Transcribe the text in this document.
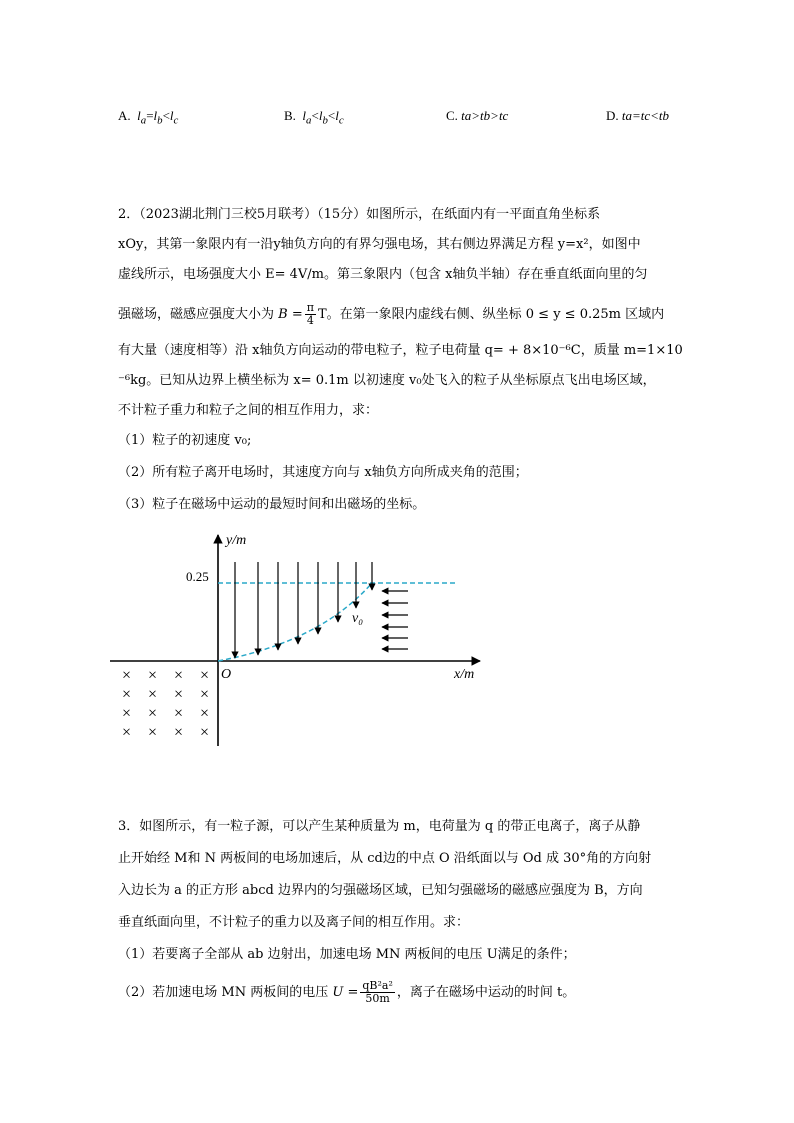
A. $l_a=l_b<l_c$	B. $l_a<l_b<l_c$	C. ta>tb>tc	D. ta=tc<tb
2．（2023湖北荆门三校5月联考）（15分）如图所示，在纸面内有一平面直角坐标系
xOy，其第一象限内有一沿y轴负方向的有界匀强电场，其右侧边界满足方程 y=x²，如图中
虚线所示，电场强度大小 E= 4V/m。第三象限内（包含 x轴负半轴）存在垂直纸面向里的匀
强磁场，磁感应强度大小为 $B = \frac{\pi}{4}$ T。在第一象限内虚线右侧、纵坐标 0 ≤ y ≤ 0.25m 区域内
有大量（速度相等）沿 x轴负方向运动的带电粒子，粒子电荷量 q= + 8×10⁻⁶C，质量 m=1×10
⁻⁶kg。已知从边界上横坐标为 x= 0.1m 以初速度 v₀处飞入的粒子从坐标原点飞出电场区域，
不计粒子重力和粒子之间的相互作用力，求：
（1）粒子的初速度 v₀;
（2）所有粒子离开电场时，其速度方向与 x轴负方向所成夹角的范围；
（3）粒子在磁场中运动的最短时间和出磁场的坐标。
y/m
x/m
O
0.25
v₀
× × × ×
× × × ×
× × × ×
× × × ×
3．如图所示，有一粒子源，可以产生某种质量为 m，电荷量为 q 的带正电离子，离子从静
止开始经 M和 N 两板间的电场加速后，从 cd边的中点 O 沿纸面以与 Od 成 30°角的方向射
入边长为 a 的正方形 abcd 边界内的匀强磁场区域，已知匀强磁场的磁感应强度为 B，方向
垂直纸面向里，不计粒子的重力以及离子间的相互作用。求：
（1）若要离子全部从 ab 边射出，加速电场 MN 两板间的电压 U满足的条件；
（2）若加速电场 MN 两板间的电压 $U = \frac{\text{qB²a²}}{50m}$ ，离子在磁场中运动的时间 t。
